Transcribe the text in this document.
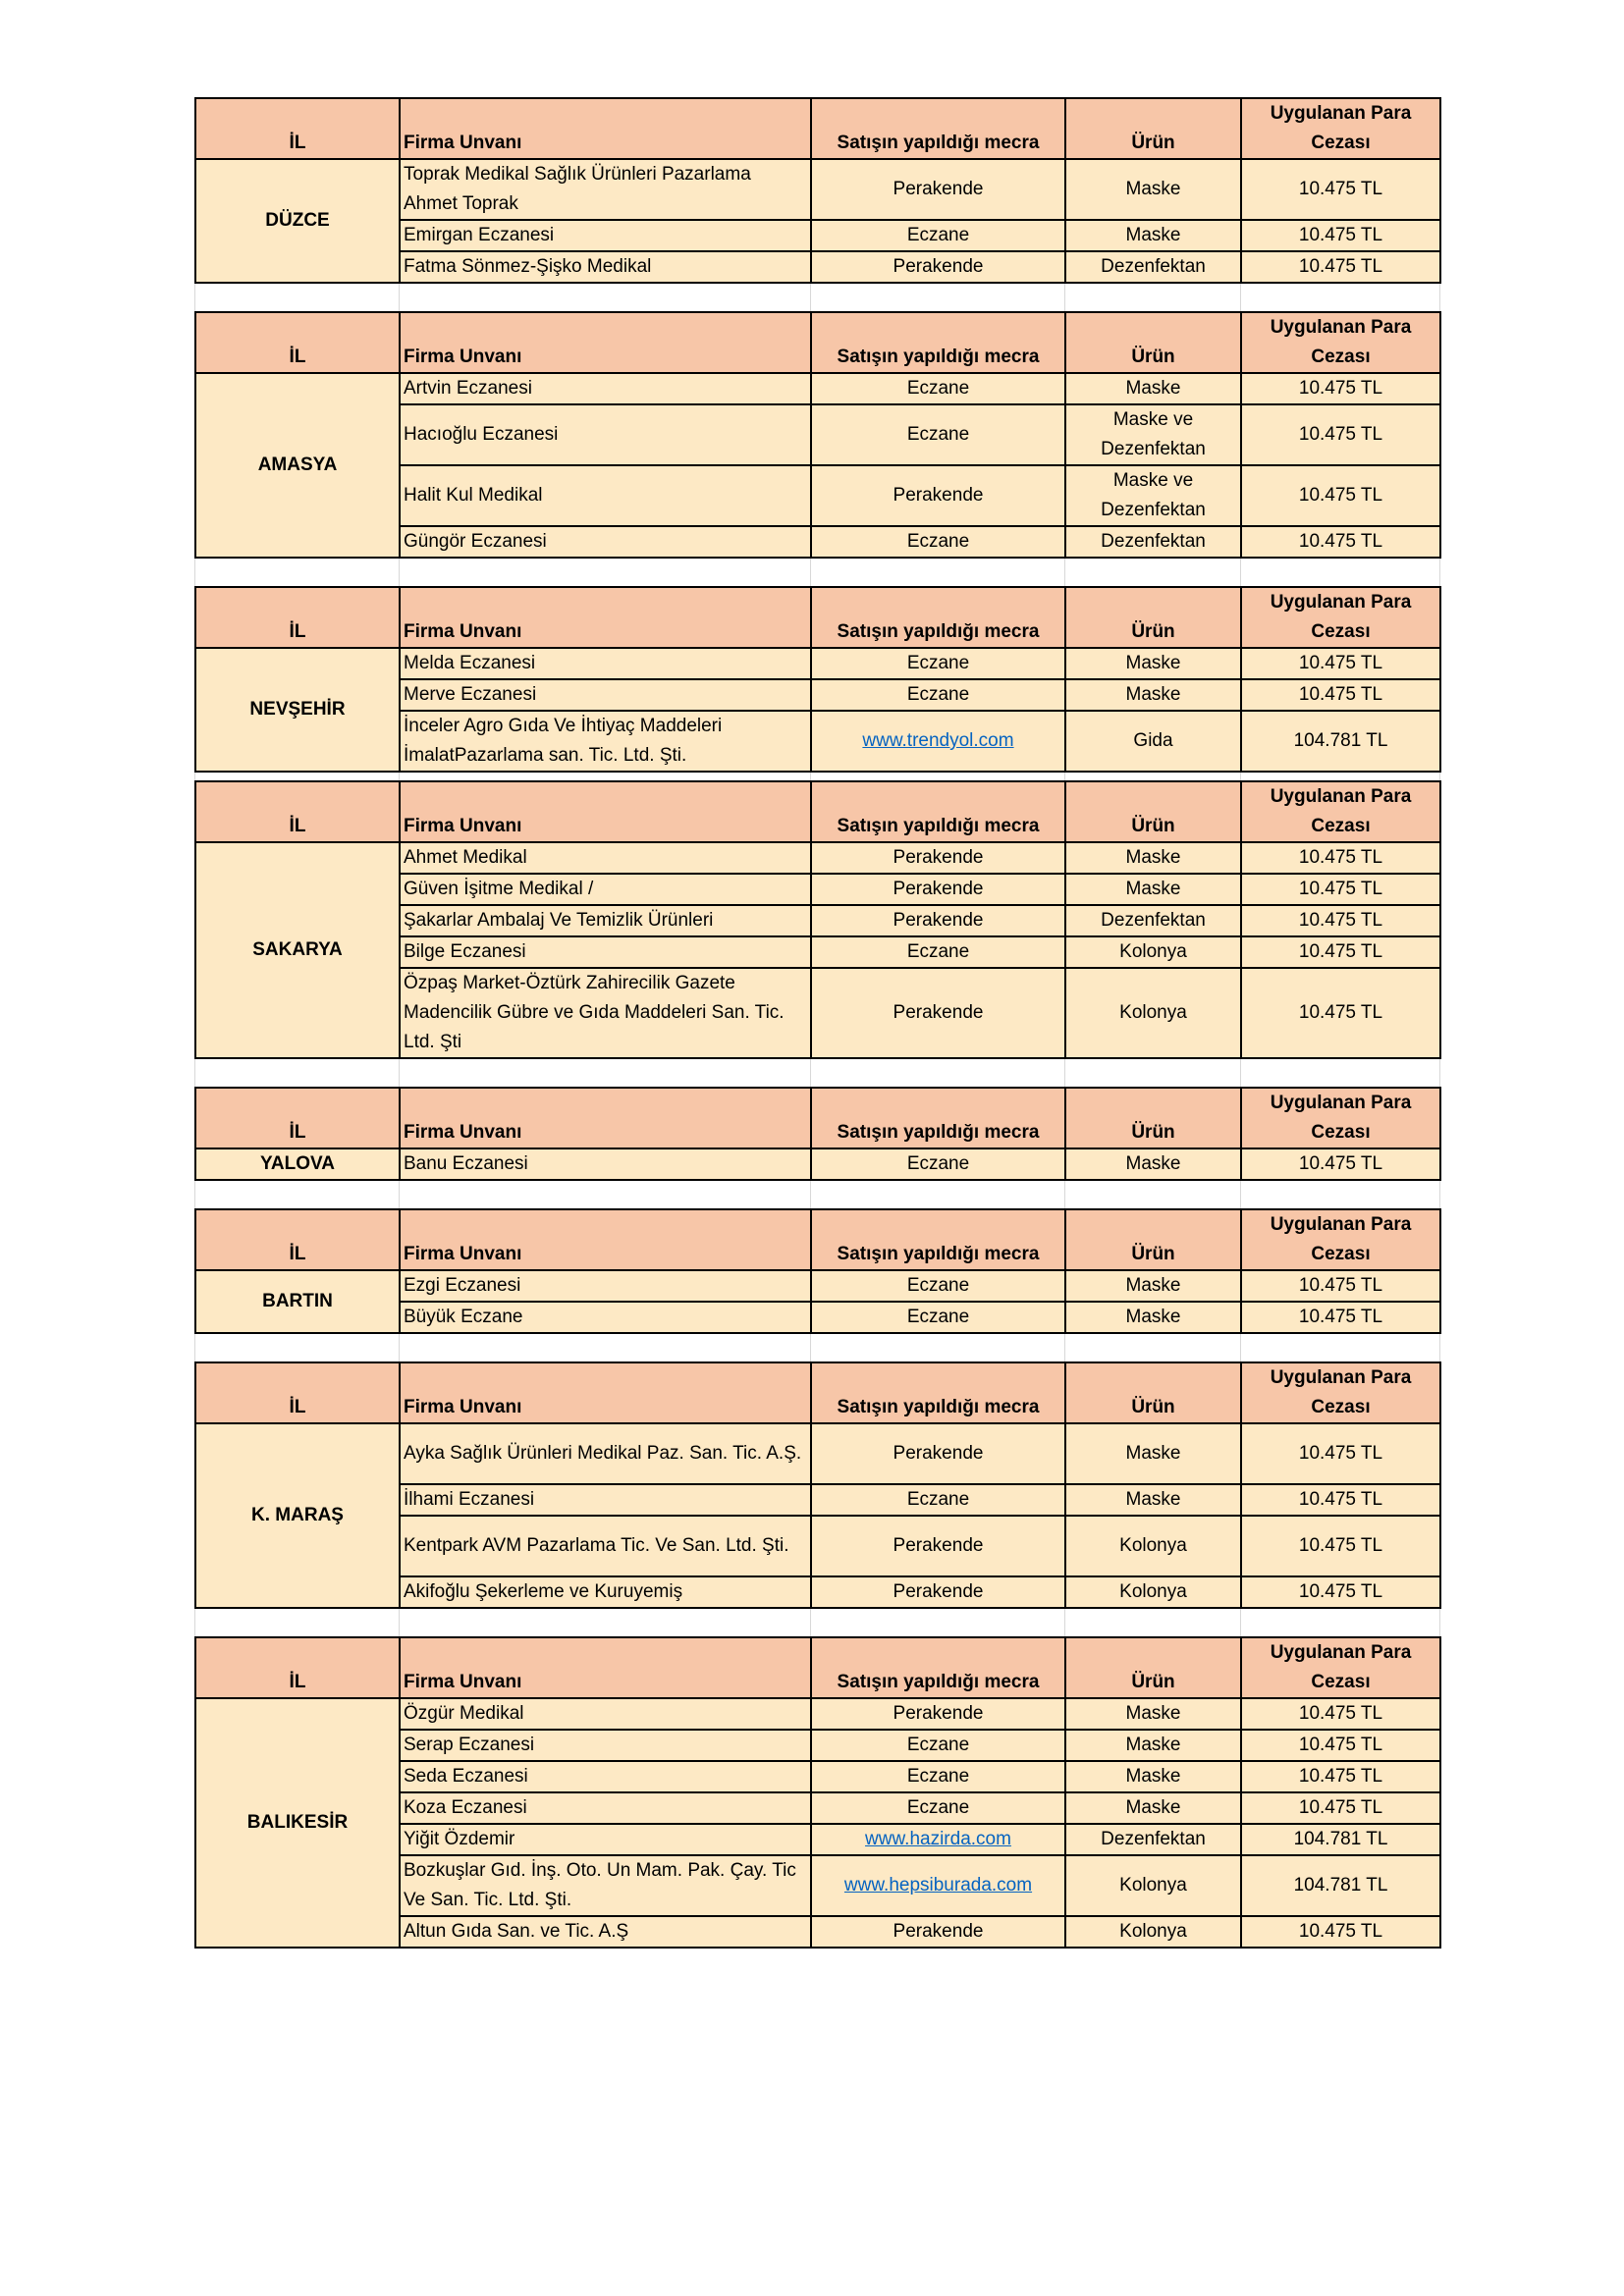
İL	Firma Unvanı	Satışın yapıldığı mecra	Ürün	Uygulanan Para Cezası
DÜZCE	Toprak Medikal Sağlık Ürünleri Pazarlama Ahmet Toprak	Perakende	Maske	10.475 TL
	Emirgan Eczanesi	Eczane	Maske	10.475 TL
	Fatma Sönmez-Şişko Medikal	Perakende	Dezenfektan	10.475 TL
İL	Firma Unvanı	Satışın yapıldığı mecra	Ürün	Uygulanan Para Cezası
AMASYA	Artvin Eczanesi	Eczane	Maske	10.475 TL
	Hacıoğlu Eczanesi	Eczane	Maske ve Dezenfektan	10.475 TL
	Halit Kul Medikal	Perakende	Maske ve Dezenfektan	10.475 TL
	Güngör Eczanesi	Eczane	Dezenfektan	10.475 TL
İL	Firma Unvanı	Satışın yapıldığı mecra	Ürün	Uygulanan Para Cezası
NEVŞEHİR	Melda Eczanesi	Eczane	Maske	10.475 TL
	Merve Eczanesi	Eczane	Maske	10.475 TL
	İnceler Agro Gıda Ve İhtiyaç Maddeleri İmalatPazarlama san. Tic. Ltd. Şti.	www.trendyol.com	Gida	104.781 TL
İL	Firma Unvanı	Satışın yapıldığı mecra	Ürün	Uygulanan Para Cezası
SAKARYA	Ahmet Medikal	Perakende	Maske	10.475 TL
	Güven İşitme Medikal /	Perakende	Maske	10.475 TL
	Şakarlar Ambalaj Ve Temizlik Ürünleri	Perakende	Dezenfektan	10.475 TL
	Bilge Eczanesi	Eczane	Kolonya	10.475 TL
	Özpaş Market-Öztürk Zahirecilik Gazete Madencilik Gübre ve Gıda Maddeleri San. Tic. Ltd. Şti	Perakende	Kolonya	10.475 TL
İL	Firma Unvanı	Satışın yapıldığı mecra	Ürün	Uygulanan Para Cezası
YALOVA	Banu Eczanesi	Eczane	Maske	10.475 TL
İL	Firma Unvanı	Satışın yapıldığı mecra	Ürün	Uygulanan Para Cezası
BARTIN	Ezgi Eczanesi	Eczane	Maske	10.475 TL
	Büyük Eczane	Eczane	Maske	10.475 TL
İL	Firma Unvanı	Satışın yapıldığı mecra	Ürün	Uygulanan Para Cezası
K. MARAŞ	Ayka Sağlık Ürünleri Medikal Paz. San. Tic. A.Ş.	Perakende	Maske	10.475 TL
	İlhami Eczanesi	Eczane	Maske	10.475 TL
	Kentpark AVM Pazarlama Tic. Ve San. Ltd. Şti.	Perakende	Kolonya	10.475 TL
	Akifoğlu Şekerleme ve Kuruyemiş	Perakende	Kolonya	10.475 TL
İL	Firma Unvanı	Satışın yapıldığı mecra	Ürün	Uygulanan Para Cezası
BALIKESİR	Özgür Medikal	Perakende	Maske	10.475 TL
	Serap Eczanesi	Eczane	Maske	10.475 TL
	Seda Eczanesi	Eczane	Maske	10.475 TL
	Koza Eczanesi	Eczane	Maske	10.475 TL
	Yiğit Özdemir	www.hazirda.com	Dezenfektan	104.781 TL
	Bozkuşlar Gıd. İnş. Oto. Un Mam. Pak. Çay. Tic Ve San. Tic. Ltd. Şti.	www.hepsiburada.com	Kolonya	104.781 TL
	Altun Gıda San. ve Tic. A.Ş	Perakende	Kolonya	10.475 TL
